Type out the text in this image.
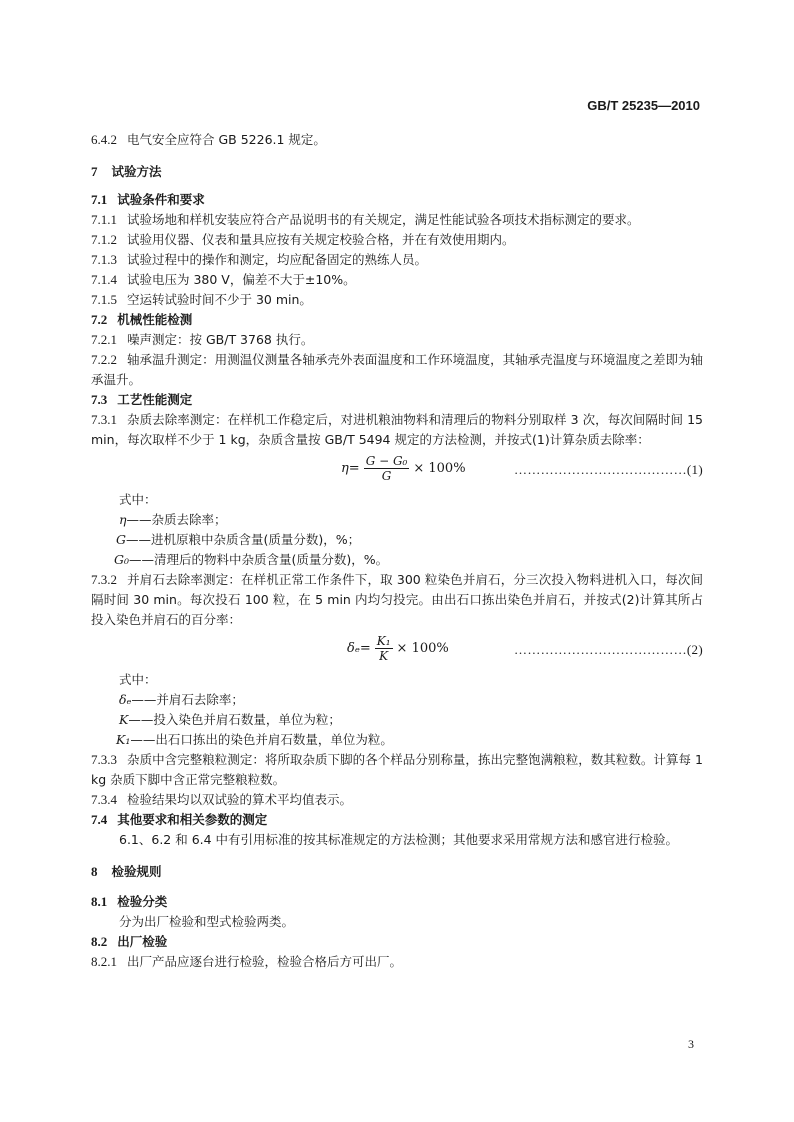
GB/T 25235—2010
6.4.2 电气安全应符合 GB 5226.1 规定。
7 试验方法
7.1 试验条件和要求
7.1.1 试验场地和样机安装应符合产品说明书的有关规定，满足性能试验各项技术指标测定的要求。
7.1.2 试验用仪器、仪表和量具应按有关规定校验合格，并在有效使用期内。
7.1.3 试验过程中的操作和测定，均应配备固定的熟练人员。
7.1.4 试验电压为 380 V，偏差不大于±10%。
7.1.5 空运转试验时间不少于 30 min。
7.2 机械性能检测
7.2.1 噪声测定：按 GB/T 3768 执行。
7.2.2 轴承温升测定：用测温仪测量各轴承壳外表面温度和工作环境温度，其轴承壳温度与环境温度之差即为轴承温升。
7.3 工艺性能测定
7.3.1 杂质去除率测定：在样机工作稳定后，对进机粮油物料和清理后的物料分别取样 3 次，每次间隔时间 15 min，每次取样不少于 1 kg，杂质含量按 GB/T 5494 规定的方法检测，并按式(1)计算杂质去除率：
$\eta= \frac{\text{G − G₀}}{G} \times 100\%$	…………………………………(1)
式中：
η——杂质去除率；
G——进机原粮中杂质含量(质量分数)，%；
G₀——清理后的物料中杂质含量(质量分数)，%。
7.3.2 并肩石去除率测定：在样机正常工作条件下，取 300 粒染色并肩石，分三次投入物料进机入口，每次间隔时间 30 min。每次投石 100 粒，在 5 min 内均匀投完。由出石口拣出染色并肩石，并按式(2)计算其所占投入染色并肩石的百分率：
$\delta_e= \frac{\text{K₁}}{K} \times 100\%$	…………………………………(2)
式中：
δₑ——并肩石去除率；
K——投入染色并肩石数量，单位为粒；
K₁——出石口拣出的染色并肩石数量，单位为粒。
7.3.3 杂质中含完整粮粒测定：将所取杂质下脚的各个样品分别称量，拣出完整饱满粮粒，数其粒数。计算每 1 kg 杂质下脚中含正常完整粮粒数。
7.3.4 检验结果均以双试验的算术平均值表示。
7.4 其他要求和相关参数的测定
6.1、6.2 和 6.4 中有引用标准的按其标准规定的方法检测；其他要求采用常规方法和感官进行检验。
8 检验规则
8.1 检验分类
分为出厂检验和型式检验两类。
8.2 出厂检验
8.2.1 出厂产品应逐台进行检验，检验合格后方可出厂。
3
